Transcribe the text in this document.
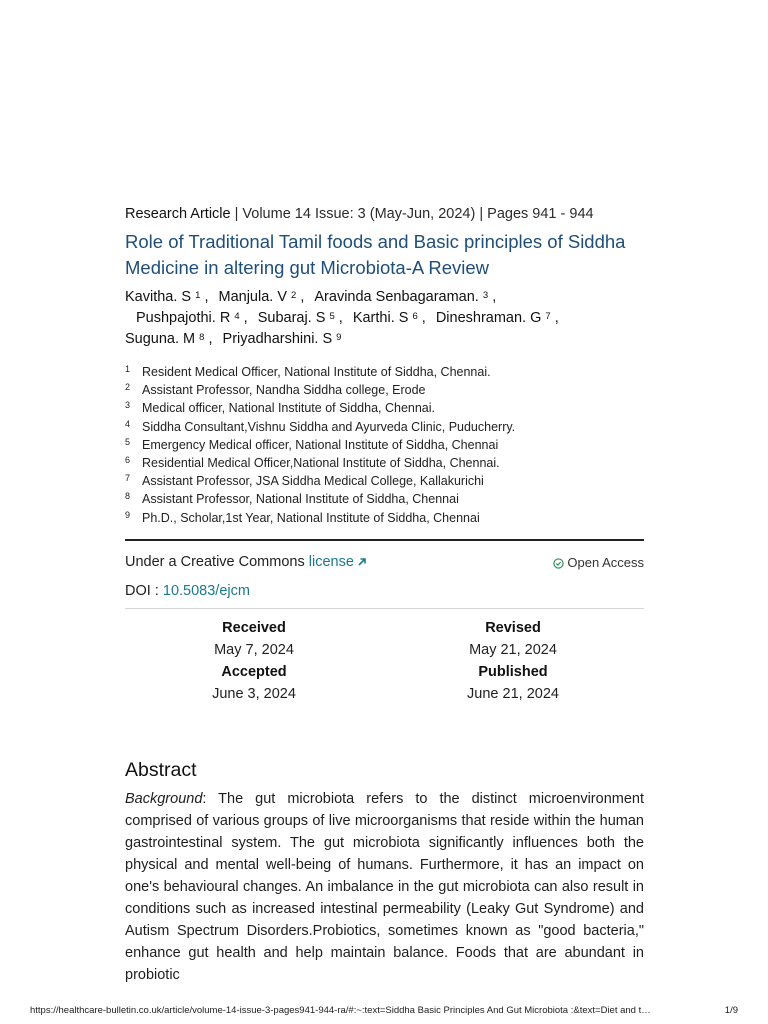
Research Article | Volume 14 Issue: 3 (May-Jun, 2024) | Pages 941 - 944
Role of Traditional Tamil foods and Basic principles of Siddha Medicine in altering gut Microbiota-A Review
Kavitha. S $^1$ , Manjula. V $^2$ , Aravinda Senbagaraman. $^3$ ,
Pushpajothi. R $^4$ , Subaraj. S $^5$ , Karthi. S $^6$ , Dineshraman. G $^7$ ,
Suguna. M $^8$ , Priyadharshini. S $^9$
1 Resident Medical Officer, National Institute of Siddha, Chennai.
2 Assistant Professor, Nandha Siddha college, Erode
3 Medical officer, National Institute of Siddha, Chennai.
4 Siddha Consultant,Vishnu Siddha and Ayurveda Clinic, Puducherry.
5 Emergency Medical officer, National Institute of Siddha, Chennai
6 Residential Medical Officer,National Institute of Siddha, Chennai.
7 Assistant Professor, JSA Siddha Medical College, Kallakurichi
8 Assistant Professor, National Institute of Siddha, Chennai
9 Ph.D., Scholar,1st Year, National Institute of Siddha, Chennai
Under a Creative Commons license	Open Access
DOI : 10.5083/ejcm
Received
May 7, 2024
Accepted
June 3, 2024
Revised
May 21, 2024
Published
June 21, 2024
Abstract
Background: The gut microbiota refers to the distinct microenvironment comprised of various groups of live microorganisms that reside within the human gastrointestinal system. The gut microbiota significantly influences both the physical and mental well-being of humans. Furthermore, it has an impact on one's behavioural changes. An imbalance in the gut microbiota can also result in conditions such as increased intestinal permeability (Leaky Gut Syndrome) and Autism Spectrum Disorders.Probiotics, sometimes known as "good bacteria," enhance gut health and help maintain balance. Foods that are abundant in probiotic
https://healthcare-bulletin.co.uk/article/volume-14-issue-3-pages941-944-ra/#:~:text=Siddha Basic Principles And Gut Microbiota :&text=Diet and t…	1/9
